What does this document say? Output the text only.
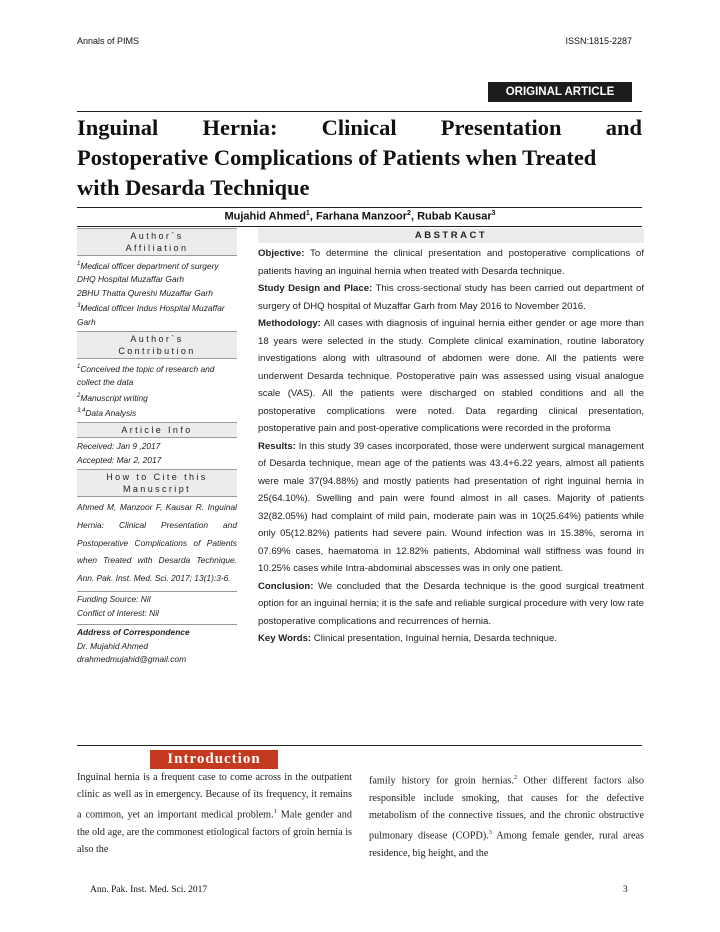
Annals of PIMS	ISSN:1815-2287
ORIGINAL ARTICLE
Inguinal Hernia: Clinical Presentation and
Postoperative Complications of Patients when Treated
with Desarda Technique
Mujahid Ahmed$^1$, Farhana Manzoor$^2$, Rubab Kausar$^3$
Author`s
Affiliation
$^1$Medical officer department of surgery DHQ Hospital Muzaffar Garh
2BHU Thatta Qureshi Muzaffar Garh
$^3$Medical officer Indus Hospital Muzaffar Garh
Author`s
Contribution
$^1$Conceived the topic of research and collect the data
$^2$Manuscript writing
$^{3,4}$Data Analysis
Article Info
Received: Jan 9 ,2017
Accepted: Mar 2, 2017
How to Cite this
Manuscript
Ahmed M, Manzoor F, Kausar R. Inguinal Hernia: Clinical Presentation and Postoperative Complications of Patients when Treated with Desarda Technique. Ann. Pak. Inst. Med. Sci. 2017; 13(1):3-6.
Funding Source: Nil
Conflict of Interest: Nil
Address of Correspondence
Dr. Mujahid Ahmed
drahmedmujahid@gmail.com
ABSTRACT

Objective: To determine the clinical presentation and postoperative complications of patients having an inguinal hernia when treated with Desarda technique.

Study Design and Place: This cross-sectional study has been carried out department of surgery of DHQ hospital of Muzaffar Garh from May 2016 to November 2016.

Methodology: All cases with diagnosis of inguinal hernia either gender or age more than 18 years were selected in the study. Complete clinical examination, routine laboratory investigations along with ultrasound of abdomen were done. All the patients were underwent Desarda technique. Postoperative pain was assessed using visual analogue scale (VAS). All the patients were discharged on stabled conditions and all the postoperative complications were noted. Data regarding clinical presentation, postoperative pain and post-operative complications were recorded in the proforma

Results: In this study 39 cases incorporated, those were underwent surgical management of Desarda technique, mean age of the patients was 43.4+6.22 years, almost all patients were male 37(94.88%) and mostly patients had presentation of right inguinal hernia in 25(64.10%). Swelling and pain were found almost in all cases. Majority of patients 32(82.05%) had complaint of mild pain, moderate pain was in 10(25.64%) patients while only 05(12.82%) patients had severe pain. Wound infection was in 15.38%, seroma in 07.69% cases, haematoma in 12.82% patients, Abdominal wall stiffness was found in 10.25% cases while Intra-abdominal abscesses was in only one patient.

Conclusion: We concluded that the Desarda technique is the good surgical treatment option for an inguinal hernia; it is the safe and reliable surgical procedure with very low rate postoperative complications and recurrences of hernia.

Key Words: Clinical presentation, Inguinal hernia, Desarda technique.

Introduction
Inguinal hernia is a frequent case to come across in the outpatient clinic as well as in emergency. Because of its frequency, it remains a common, yet an important medical problem.$^1$ Male gender and the old age, are the commonest etiological factors of groin hernia is also the
family history for groin hernias.$^2$ Other different factors also responsible include smoking, that causes for the defective metabolism of the connective tissues, and the chronic obstructive pulmonary disease (COPD).$^3$ Among female gender, rural areas residence, big height, and the
Ann. Pak. Inst. Med. Sci. 2017	3
